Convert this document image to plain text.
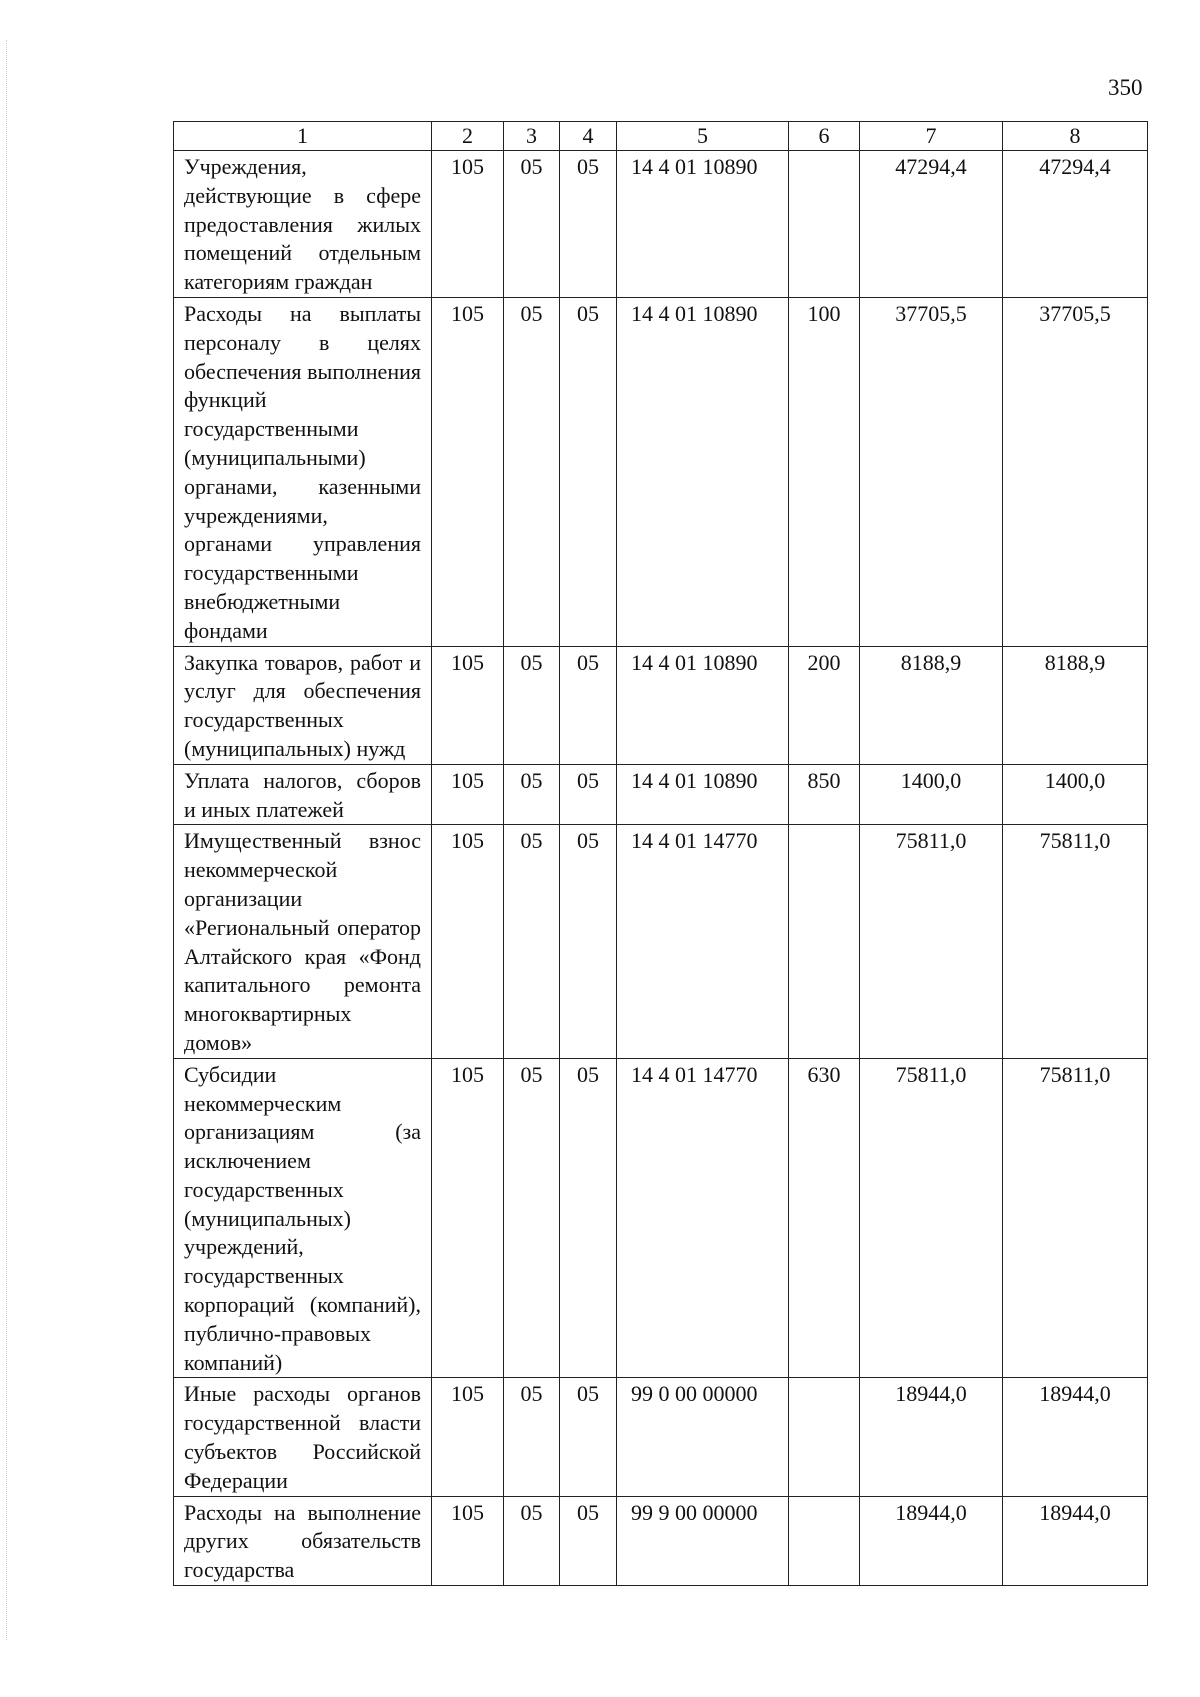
350
1	2	3	4	5	6	7	8
Учреждения, действующие в сфере предоставления жилых помещений отдельным категориям граждан	105	05	05	14 4 01 10890		47294,4	47294,4
Расходы на выплаты персоналу в целях обеспечения выполнения функций государственными (муниципальными) органами, казенными учреждениями, органами управления государственными внебюджетными фондами	105	05	05	14 4 01 10890	100	37705,5	37705,5
Закупка товаров, работ и услуг для обеспечения государственных (муниципальных) нужд	105	05	05	14 4 01 10890	200	8188,9	8188,9
Уплата налогов, сборов и иных платежей	105	05	05	14 4 01 10890	850	1400,0	1400,0
Имущественный взнос некоммерческой организации «Региональный оператор Алтайского края «Фонд капитального ремонта многоквартирных домов»	105	05	05	14 4 01 14770		75811,0	75811,0
Субсидии некоммерческим организациям (за исключением государственных (муниципальных) учреждений, государственных корпораций (компаний), публично-правовых компаний)	105	05	05	14 4 01 14770	630	75811,0	75811,0
Иные расходы органов государственной власти субъектов Российской Федерации	105	05	05	99 0 00 00000		18944,0	18944,0
Расходы на выполнение других обязательств государства	105	05	05	99 9 00 00000		18944,0	18944,0
